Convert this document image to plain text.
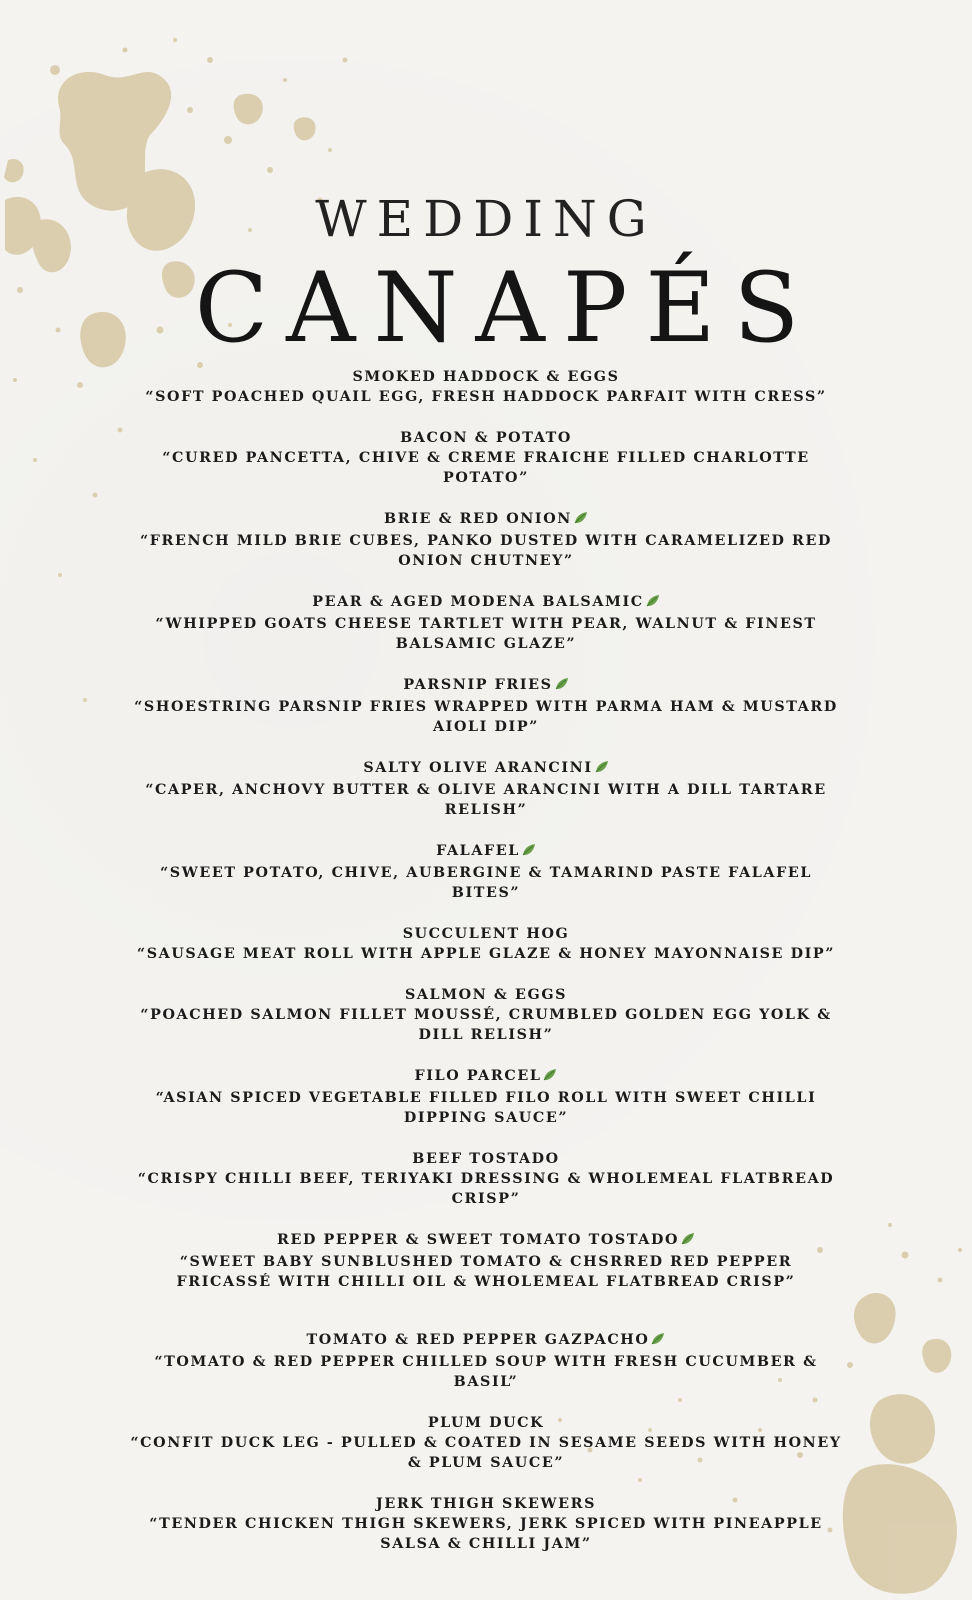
WEDDING
CANAPÉS
SMOKED HADDOCK & EGGS
“SOFT POACHED QUAIL EGG, FRESH HADDOCK PARFAIT WITH CRESS”
BACON & POTATO
“CURED PANCETTA, CHIVE & CREME FRAICHE FILLED CHARLOTTE POTATO”
BRIE & RED ONION
“FRENCH MILD BRIE CUBES, PANKO DUSTED WITH CARAMELIZED RED ONION CHUTNEY”
PEAR & AGED MODENA BALSAMIC
“WHIPPED GOATS CHEESE TARTLET WITH PEAR, WALNUT & FINEST BALSAMIC GLAZE”
PARSNIP FRIES
“SHOESTRING PARSNIP FRIES WRAPPED WITH PARMA HAM & MUSTARD AIOLI DIP”
SALTY OLIVE ARANCINI
“CAPER, ANCHOVY BUTTER & OLIVE ARANCINI WITH A DILL TARTARE RELISH”
FALAFEL
“SWEET POTATO, CHIVE, AUBERGINE & TAMARIND PASTE FALAFEL BITES”
SUCCULENT HOG
“SAUSAGE MEAT ROLL WITH APPLE GLAZE & HONEY MAYONNAISE DIP”
SALMON & EGGS
“POACHED SALMON FILLET MOUSSÉ, CRUMBLED GOLDEN EGG YOLK & DILL RELISH”
FILO PARCEL
“ASIAN SPICED VEGETABLE FILLED FILO ROLL WITH SWEET CHILLI DIPPING SAUCE”
BEEF TOSTADO
“CRISPY CHILLI BEEF, TERIYAKI DRESSING & WHOLEMEAL FLATBREAD CRISP”
RED PEPPER & SWEET TOMATO TOSTADO
“SWEET BABY SUNBLUSHED TOMATO & CHSRRED RED PEPPER FRICASSÉ WITH CHILLI OIL & WHOLEMEAL FLATBREAD CRISP”
TOMATO & RED PEPPER GAZPACHO
“TOMATO & RED PEPPER CHILLED SOUP WITH FRESH CUCUMBER & BASIL”
PLUM DUCK
“CONFIT DUCK LEG - PULLED & COATED IN SESAME SEEDS WITH HONEY & PLUM SAUCE”
JERK THIGH SKEWERS
“TENDER CHICKEN THIGH SKEWERS, JERK SPICED WITH PINEAPPLE SALSA & CHILLI JAM”
